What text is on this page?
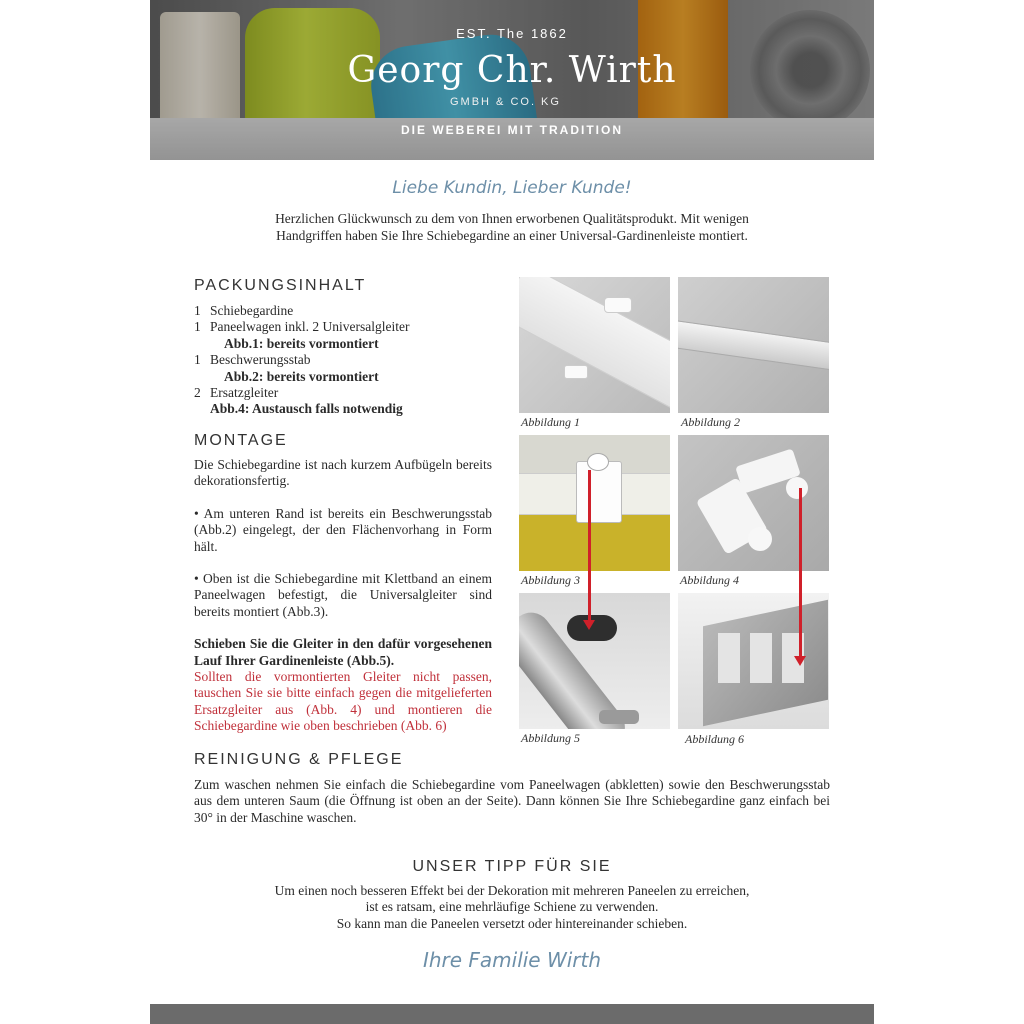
EST. The 1862
Georg Chr. Wirth
GMBH & CO. KG
DIE WEBEREI MIT TRADITION
Liebe Kundin, Lieber Kunde!
Herzlichen Glückwunsch zu dem von Ihnen erworbenen Qualitätsprodukt. Mit wenigen Handgriffen haben Sie Ihre Schiebegardine an einer Universal-Gardinenleiste montiert.
PACKUNGSINHALT
1 Schiebegardine
1 Paneelwagen inkl. 2 Universalgleiter
Abb.1: bereits vormontiert
1 Beschwerungsstab
Abb.2: bereits vormontiert
2 Ersatzgleiter
Abb.4: Austausch falls notwendig
MONTAGE

Die Schiebegardine ist nach kurzem Aufbügeln bereits dekorationsfertig.

• Am unteren Rand ist bereits ein Beschwerungsstab (Abb.2) eingelegt, der den Flächenvorhang in Form hält.

• Oben ist die Schiebegardine mit Klettband an einem Paneelwagen befestigt, die Universalgleiter sind bereits montiert (Abb.3).

Schieben Sie die Gleiter in den dafür vorgesehenen Lauf Ihrer Gardinenleiste (Abb.5).

Sollten die vormontierten Gleiter nicht passen, tauschen Sie sie bitte einfach gegen die mitgelieferten Ersatzgleiter aus (Abb. 4) und montieren die Schiebegardine wie oben beschrieben (Abb. 6)

Abbildung 1	Abbildung 2
Abbildung 3	Abbildung 4
Abbildung 5	Abbildung 6
REINIGUNG & PFLEGE
Zum waschen nehmen Sie einfach die Schiebegardine vom Paneelwagen (abkletten) sowie den Beschwerungsstab aus dem unteren Saum (die Öffnung ist oben an der Seite). Dann können Sie Ihre Schiebegardine ganz einfach bei 30° in der Maschine waschen.
UNSER TIPP FÜR SIE
Um einen noch besseren Effekt bei der Dekoration mit mehreren Paneelen zu erreichen,
ist es ratsam, eine mehrläufige Schiene zu verwenden.
So kann man die Paneelen versetzt oder hintereinander schieben.
Ihre Familie Wirth
